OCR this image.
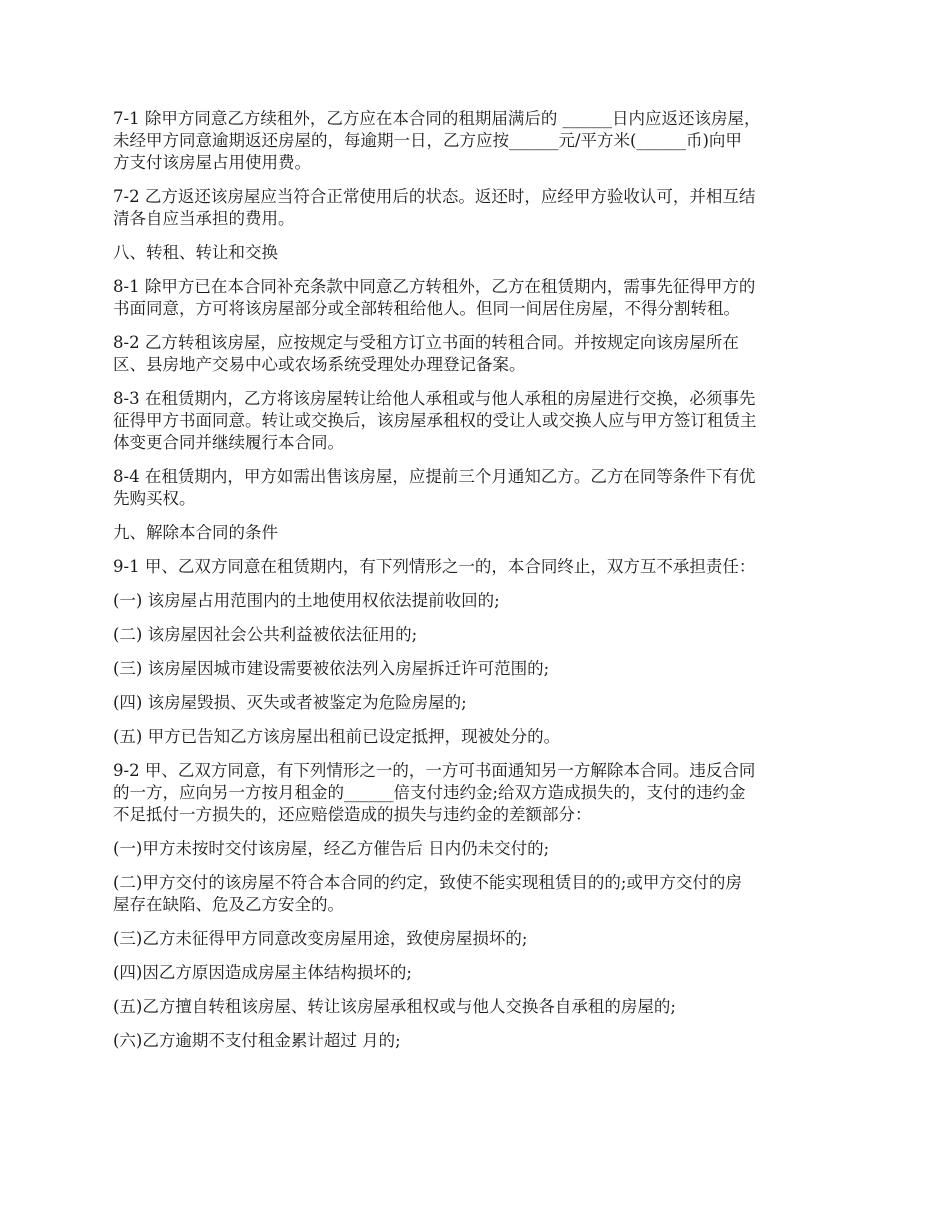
7-1 除甲方同意乙方续租外，乙方应在本合同的租期届满后的 ______日内应返还该房屋，
未经甲方同意逾期返还房屋的，每逾期一日，乙方应按______元/平方米(______币)向甲
方支付该房屋占用使用费。

7-2 乙方返还该房屋应当符合正常使用后的状态。返还时，应经甲方验收认可，并相互结
清各自应当承担的费用。

八、转租、转让和交换

8-1 除甲方已在本合同补充条款中同意乙方转租外，乙方在租赁期内，需事先征得甲方的
书面同意，方可将该房屋部分或全部转租给他人。但同一间居住房屋，不得分割转租。

8-2 乙方转租该房屋，应按规定与受租方订立书面的转租合同。并按规定向该房屋所在
区、县房地产交易中心或农场系统受理处办理登记备案。

8-3 在租赁期内，乙方将该房屋转让给他人承租或与他人承租的房屋进行交换，必须事先
征得甲方书面同意。转让或交换后，该房屋承租权的受让人或交换人应与甲方签订租赁主
体变更合同并继续履行本合同。

8-4 在租赁期内，甲方如需出售该房屋，应提前三个月通知乙方。乙方在同等条件下有优
先购买权。

九、解除本合同的条件

9-1 甲、乙双方同意在租赁期内，有下列情形之一的，本合同终止，双方互不承担责任：

(一) 该房屋占用范围内的土地使用权依法提前收回的;

(二) 该房屋因社会公共利益被依法征用的;

(三) 该房屋因城市建设需要被依法列入房屋拆迁许可范围的;

(四) 该房屋毁损、灭失或者被鉴定为危险房屋的;

(五) 甲方已告知乙方该房屋出租前已设定抵押，现被处分的。

9-2 甲、乙双方同意，有下列情形之一的，一方可书面通知另一方解除本合同。违反合同
的一方，应向另一方按月租金的______倍支付违约金;给双方造成损失的，支付的违约金
不足抵付一方损失的，还应赔偿造成的损失与违约金的差额部分：

(一)甲方未按时交付该房屋，经乙方催告后 日内仍未交付的;

(二)甲方交付的该房屋不符合本合同的约定，致使不能实现租赁目的的;或甲方交付的房
屋存在缺陷、危及乙方安全的。

(三)乙方未征得甲方同意改变房屋用途，致使房屋损坏的;

(四)因乙方原因造成房屋主体结构损坏的;

(五)乙方擅自转租该房屋、转让该房屋承租权或与他人交换各自承租的房屋的;

(六)乙方逾期不支付租金累计超过 月的;
